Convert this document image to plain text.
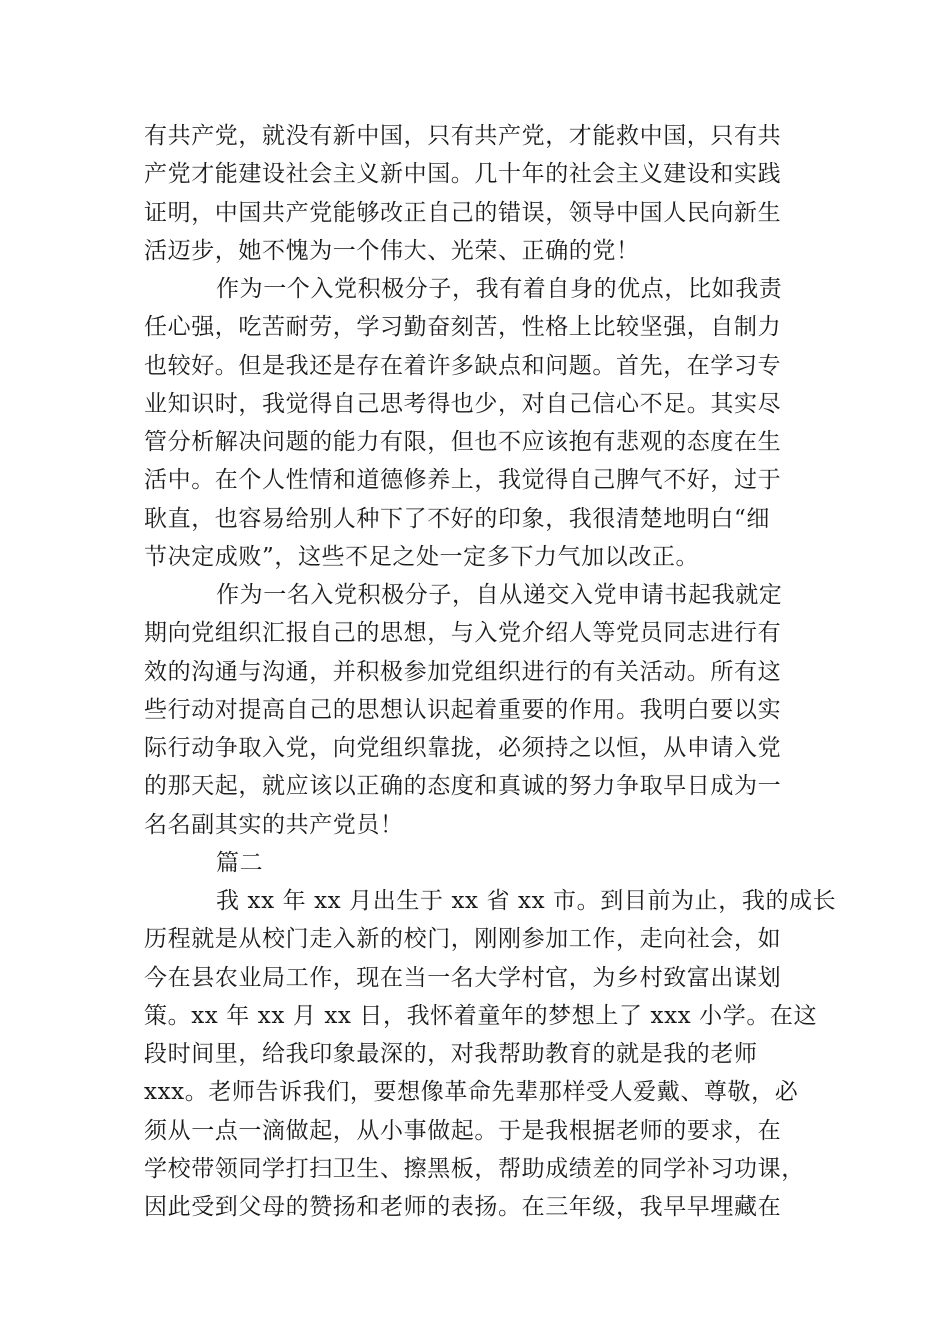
有共产党，就没有新中国，只有共产党，才能救中国，只有共
产党才能建设社会主义新中国。几十年的社会主义建设和实践
证明，中国共产党能够改正自己的错误，领导中国人民向新生
活迈步，她不愧为一个伟大、光荣、正确的党！
作为一个入党积极分子，我有着自身的优点，比如我责
任心强，吃苦耐劳，学习勤奋刻苦，性格上比较坚强，自制力
也较好。但是我还是存在着许多缺点和问题。首先，在学习专
业知识时，我觉得自己思考得也少，对自己信心不足。其实尽
管分析解决问题的能力有限，但也不应该抱有悲观的态度在生
活中。在个人性情和道德修养上，我觉得自己脾气不好，过于
耿直，也容易给别人种下了不好的印象，我很清楚地明白“细
节决定成败”，这些不足之处一定多下力气加以改正。
作为一名入党积极分子，自从递交入党申请书起我就定
期向党组织汇报自己的思想，与入党介绍人等党员同志进行有
效的沟通与沟通，并积极参加党组织进行的有关活动。所有这
些行动对提高自己的思想认识起着重要的作用。我明白要以实
际行动争取入党，向党组织靠拢，必须持之以恒，从申请入党
的那天起，就应该以正确的态度和真诚的努力争取早日成为一
名名副其实的共产党员！
篇二
我 xx 年 xx 月出生于 xx 省 xx 市。到目前为止，我的成长
历程就是从校门走入新的校门，刚刚参加工作，走向社会，如
今在县农业局工作，现在当一名大学村官，为乡村致富出谋划
策。xx 年 xx 月 xx 日，我怀着童年的梦想上了 xxx 小学。在这
段时间里，给我印象最深的，对我帮助教育的就是我的老师
xxx。老师告诉我们，要想像革命先辈那样受人爱戴、尊敬，必
须从一点一滴做起，从小事做起。于是我根据老师的要求，在
学校带领同学打扫卫生、擦黑板，帮助成绩差的同学补习功课，
因此受到父母的赞扬和老师的表扬。在三年级，我早早埋藏在
